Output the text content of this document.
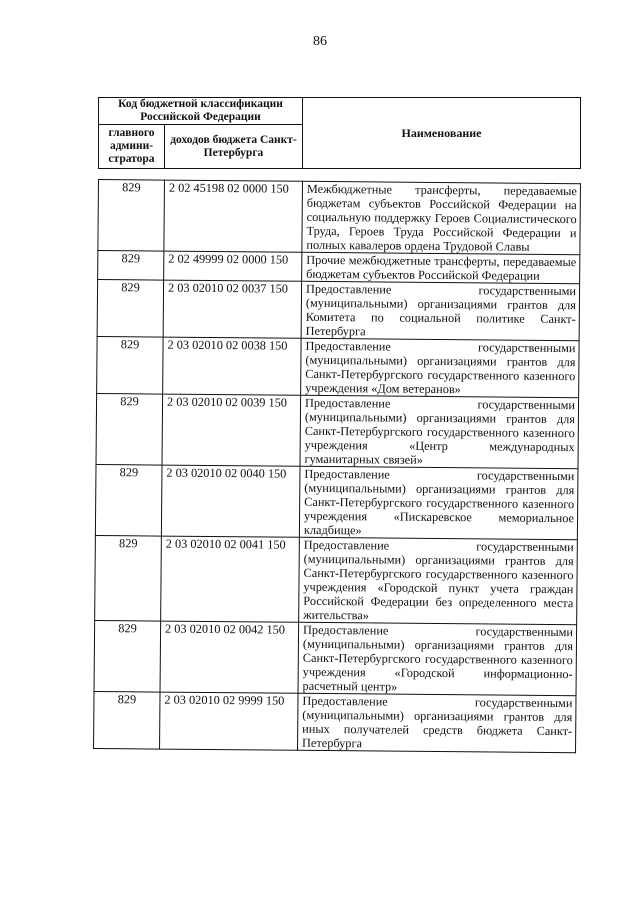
86
Код бюджетной классификации Российской Федерации		Наименование
главного админи-стратора	доходов бюджета Санкт-Петербурга	
829	2 02 45198 02 0000 150	Межбюджетные трансферты, передаваемые бюджетам субъектов Российской Федерации на социальную поддержку Героев Социалистического Труда, Героев Труда Российской Федерации и полных кавалеров ордена Трудовой Славы
829	2 02 49999 02 0000 150	Прочие межбюджетные трансферты, передаваемые бюджетам субъектов Российской Федерации
829	2 03 02010 02 0037 150	Предоставление государственными (муниципальными) организациями грантов для Комитета по социальной политике Санкт-Петербурга
829	2 03 02010 02 0038 150	Предоставление государственными (муниципальными) организациями грантов для Санкт-Петербургского государственного казенного учреждения «Дом ветеранов»
829	2 03 02010 02 0039 150	Предоставление государственными (муниципальными) организациями грантов для Санкт-Петербургского государственного казенного учреждения «Центр международных гуманитарных связей»
829	2 03 02010 02 0040 150	Предоставление государственными (муниципальными) организациями грантов для Санкт-Петербургского государственного казенного учреждения «Пискаревское мемориальное кладбище»
829	2 03 02010 02 0041 150	Предоставление государственными (муниципальными) организациями грантов для Санкт-Петербургского государственного казенного учреждения «Городской пункт учета граждан Российской Федерации без определенного места жительства»
829	2 03 02010 02 0042 150	Предоставление государственными (муниципальными) организациями грантов для Санкт-Петербургского государственного казенного учреждения «Городской информационно-расчетный центр»
829	2 03 02010 02 9999 150	Предоставление государственными (муниципальными) организациями грантов для иных получателей средств бюджета Санкт-Петербурга
